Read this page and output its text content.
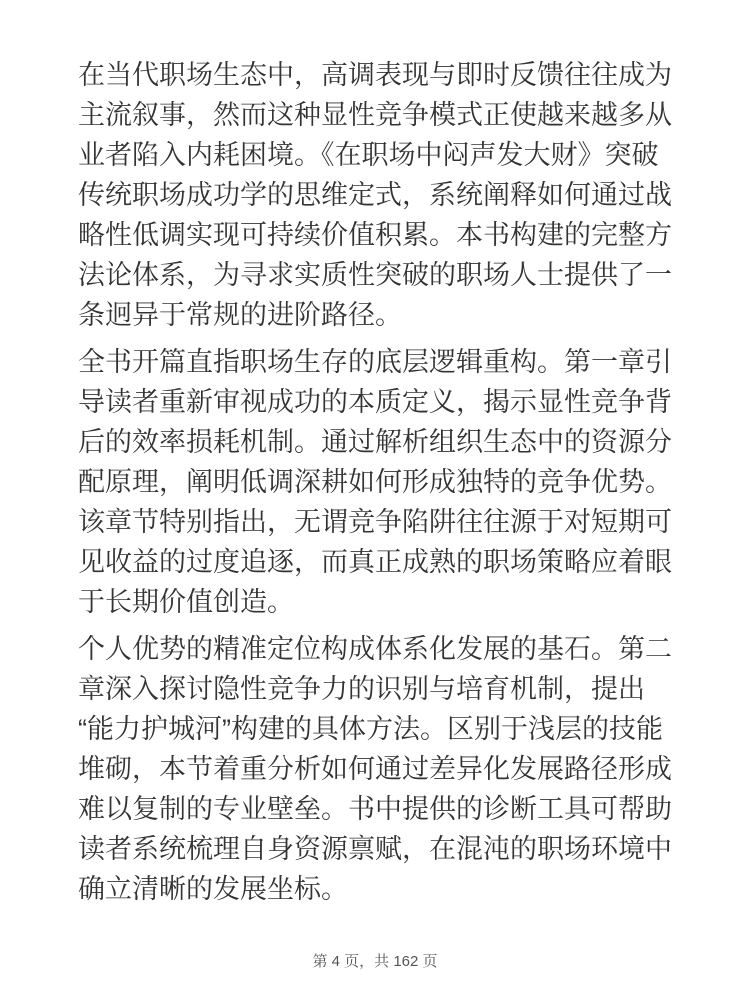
在当代职场生态中，高调表现与即时反馈往往成为主流叙事，然而这种显性竞争模式正使越来越多从业者陷入内耗困境。《在职场中闷声发大财》突破传统职场成功学的思维定式，系统阐释如何通过战略性低调实现可持续价值积累。本书构建的完整方法论体系，为寻求实质性突破的职场人士提供了一条迥异于常规的进阶路径。

全书开篇直指职场生存的底层逻辑重构。第一章引导读者重新审视成功的本质定义，揭示显性竞争背后的效率损耗机制。通过解析组织生态中的资源分配原理，阐明低调深耕如何形成独特的竞争优势。该章节特别指出，无谓竞争陷阱往往源于对短期可见收益的过度追逐，而真正成熟的职场策略应着眼于长期价值创造。

个人优势的精准定位构成体系化发展的基石。第二章深入探讨隐性竞争力的识别与培育机制，提出“能力护城河”构建的具体方法。区别于浅层的技能堆砌，本节着重分析如何通过差异化发展路径形成难以复制的专业壁垒。书中提供的诊断工具可帮助读者系统梳理自身资源禀赋，在混沌的职场环境中确立清晰的发展坐标。

第 4 页，共 162 页
